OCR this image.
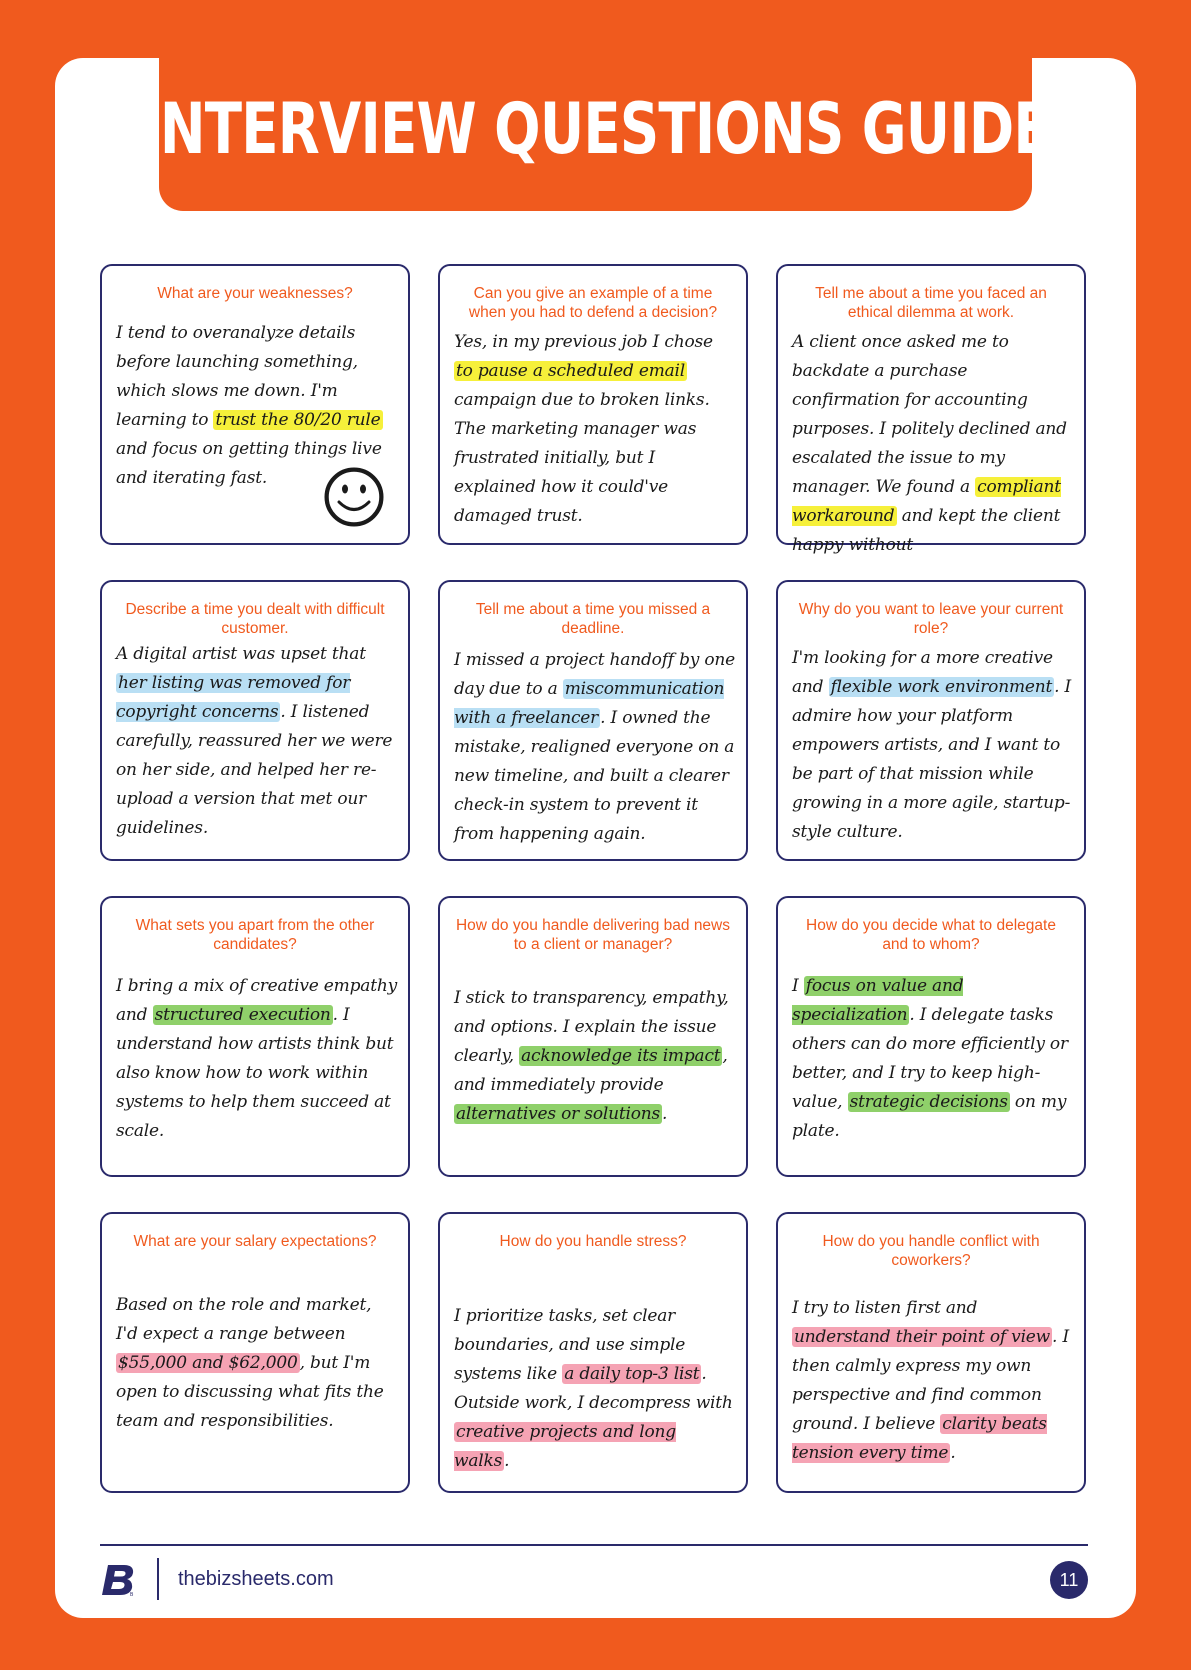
INTERVIEW QUESTIONS GUIDE
What are your weaknesses?
I tend to overanalyze details before launching something, which slows me down. I'm learning to trust the 80/20 rule and focus on getting things live and iterating fast.
Can you give an example of a time when you had to defend a decision?
Yes, in my previous job I chose to pause a scheduled email campaign due to broken links. The marketing manager was frustrated initially, but I explained how it could've damaged trust.
Tell me about a time you faced an ethical dilemma at work.
A client once asked me to backdate a purchase confirmation for accounting purposes. I politely declined and escalated the issue to my manager. We found a compliant workaround and kept the client happy without
Describe a time you dealt with difficult customer.
A digital artist was upset that her listing was removed for copyright concerns . I listened carefully, reassured her we were on her side, and helped her re-upload a version that met our guidelines.
Tell me about a time you missed a deadline.
I missed a project handoff by one day due to a miscommunication with a freelancer . I owned the mistake, realigned everyone on a new timeline, and built a clearer check-in system to prevent it from happening again.
Why do you want to leave your current role?
I'm looking for a more creative and flexible work environment . I admire how your platform empowers artists, and I want to be part of that mission while growing in a more agile, startup-style culture.
What sets you apart from the other candidates?
I bring a mix of creative empathy and structured execution . I understand how artists think but also know how to work within systems to help them succeed at scale.
How do you handle delivering bad news to a client or manager?
I stick to transparency, empathy, and options. I explain the issue clearly, acknowledge its impact , and immediately provide alternatives or solutions .
How do you decide what to delegate and to whom?
I focus on value and specialization . I delegate tasks others can do more efficiently or better, and I try to keep high-value, strategic decisions on my plate.
What are your salary expectations?
Based on the role and market, I'd expect a range between $55,000 and $62,000 , but I'm open to discussing what fits the team and responsibilities.
How do you handle stress?
I prioritize tasks, set clear boundaries, and use simple systems like a daily top-3 list . Outside work, I decompress with creative projects and long walks .
How do you handle conflict with coworkers?
I try to listen first and understand their point of view . I then calmly express my own perspective and find common ground. I believe clarity beats tension every time .
B
thebizsheets.com	11
